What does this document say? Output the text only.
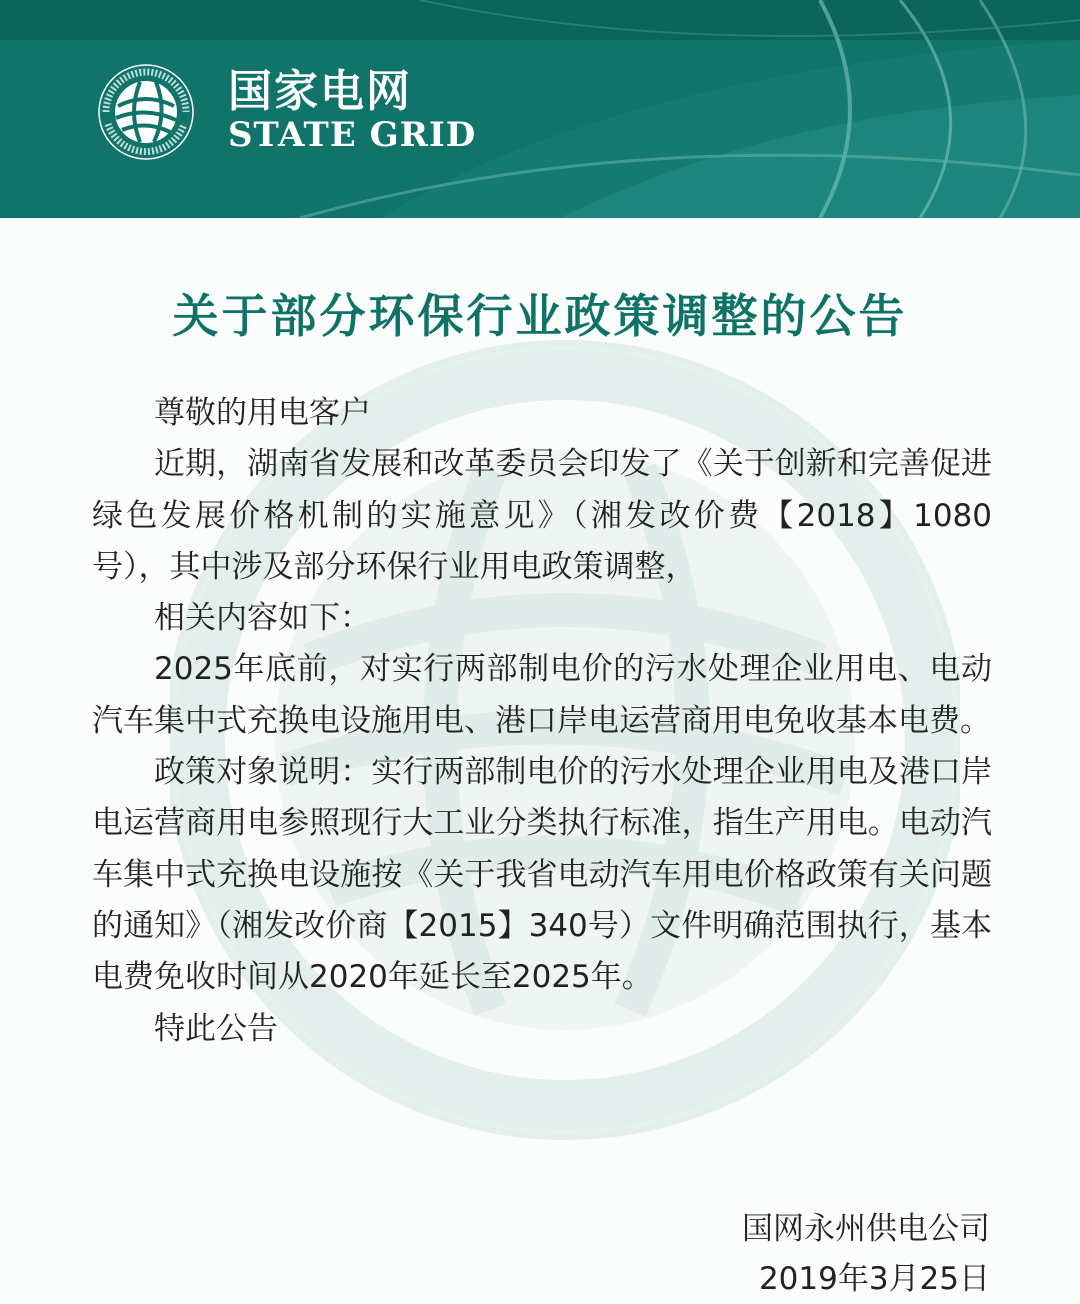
国家电网

STATE GRID

关于部分环保行业政策调整的公告

尊敬的用电客户

近期，湖南省发展和改革委员会印发了《关于创新和完善促进绿色发展价格机制的实施意见》（湘发改价费【2018】1080号），其中涉及部分环保行业用电政策调整，

相关内容如下：

2025年底前，对实行两部制电价的污水处理企业用电、电动汽车集中式充换电设施用电、港口岸电运营商用电免收基本电费。

政策对象说明：实行两部制电价的污水处理企业用电及港口岸电运营商用电参照现行大工业分类执行标准，指生产用电。电动汽车集中式充换电设施按《关于我省电动汽车用电价格政策有关问题的通知》（湘发改价商【2015】340号）文件明确范围执行，基本电费免收时间从2020年延长至2025年。

特此公告

国网永州供电公司

2019年3月25日
